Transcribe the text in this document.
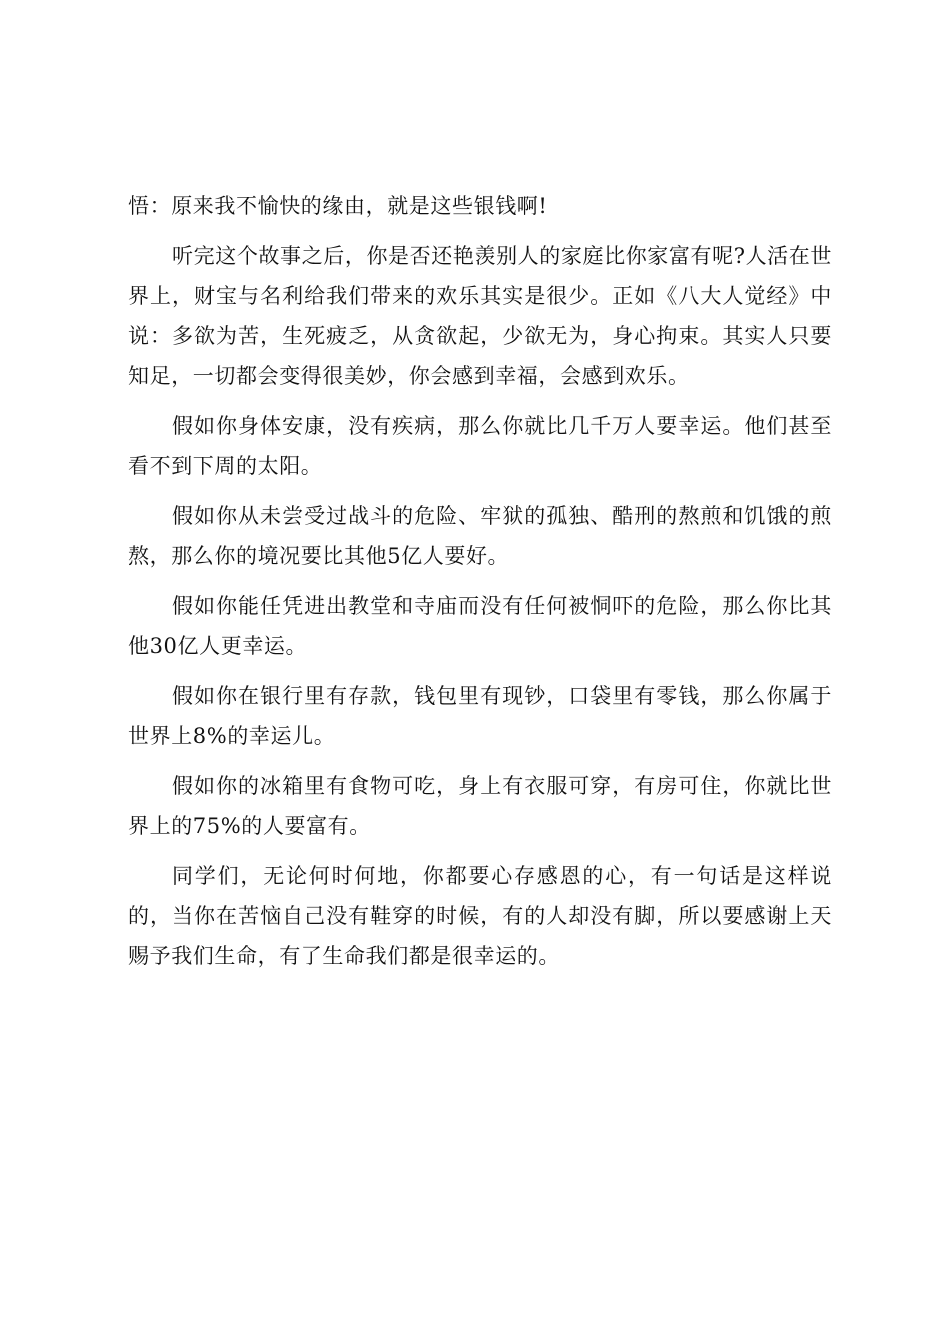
悟：原来我不愉快的缘由，就是这些银钱啊!

听完这个故事之后，你是否还艳羡别人的家庭比你家富有呢?人活在世界上，财宝与名利给我们带来的欢乐其实是很少。正如《八大人觉经》中说：多欲为苦，生死疲乏，从贪欲起，少欲无为，身心拘束。其实人只要知足，一切都会变得很美妙，你会感到幸福，会感到欢乐。

假如你身体安康，没有疾病，那么你就比几千万人要幸运。他们甚至看不到下周的太阳。

假如你从未尝受过战斗的危险、牢狱的孤独、酷刑的熬煎和饥饿的煎熬，那么你的境况要比其他5亿人要好。

假如你能任凭进出教堂和寺庙而没有任何被恫吓的危险，那么你比其他30亿人更幸运。

假如你在银行里有存款，钱包里有现钞，口袋里有零钱，那么你属于世界上8%的幸运儿。

假如你的冰箱里有食物可吃，身上有衣服可穿，有房可住，你就比世界上的75%的人要富有。

同学们，无论何时何地，你都要心存感恩的心，有一句话是这样说的，当你在苦恼自己没有鞋穿的时候，有的人却没有脚，所以要感谢上天赐予我们生命，有了生命我们都是很幸运的。
